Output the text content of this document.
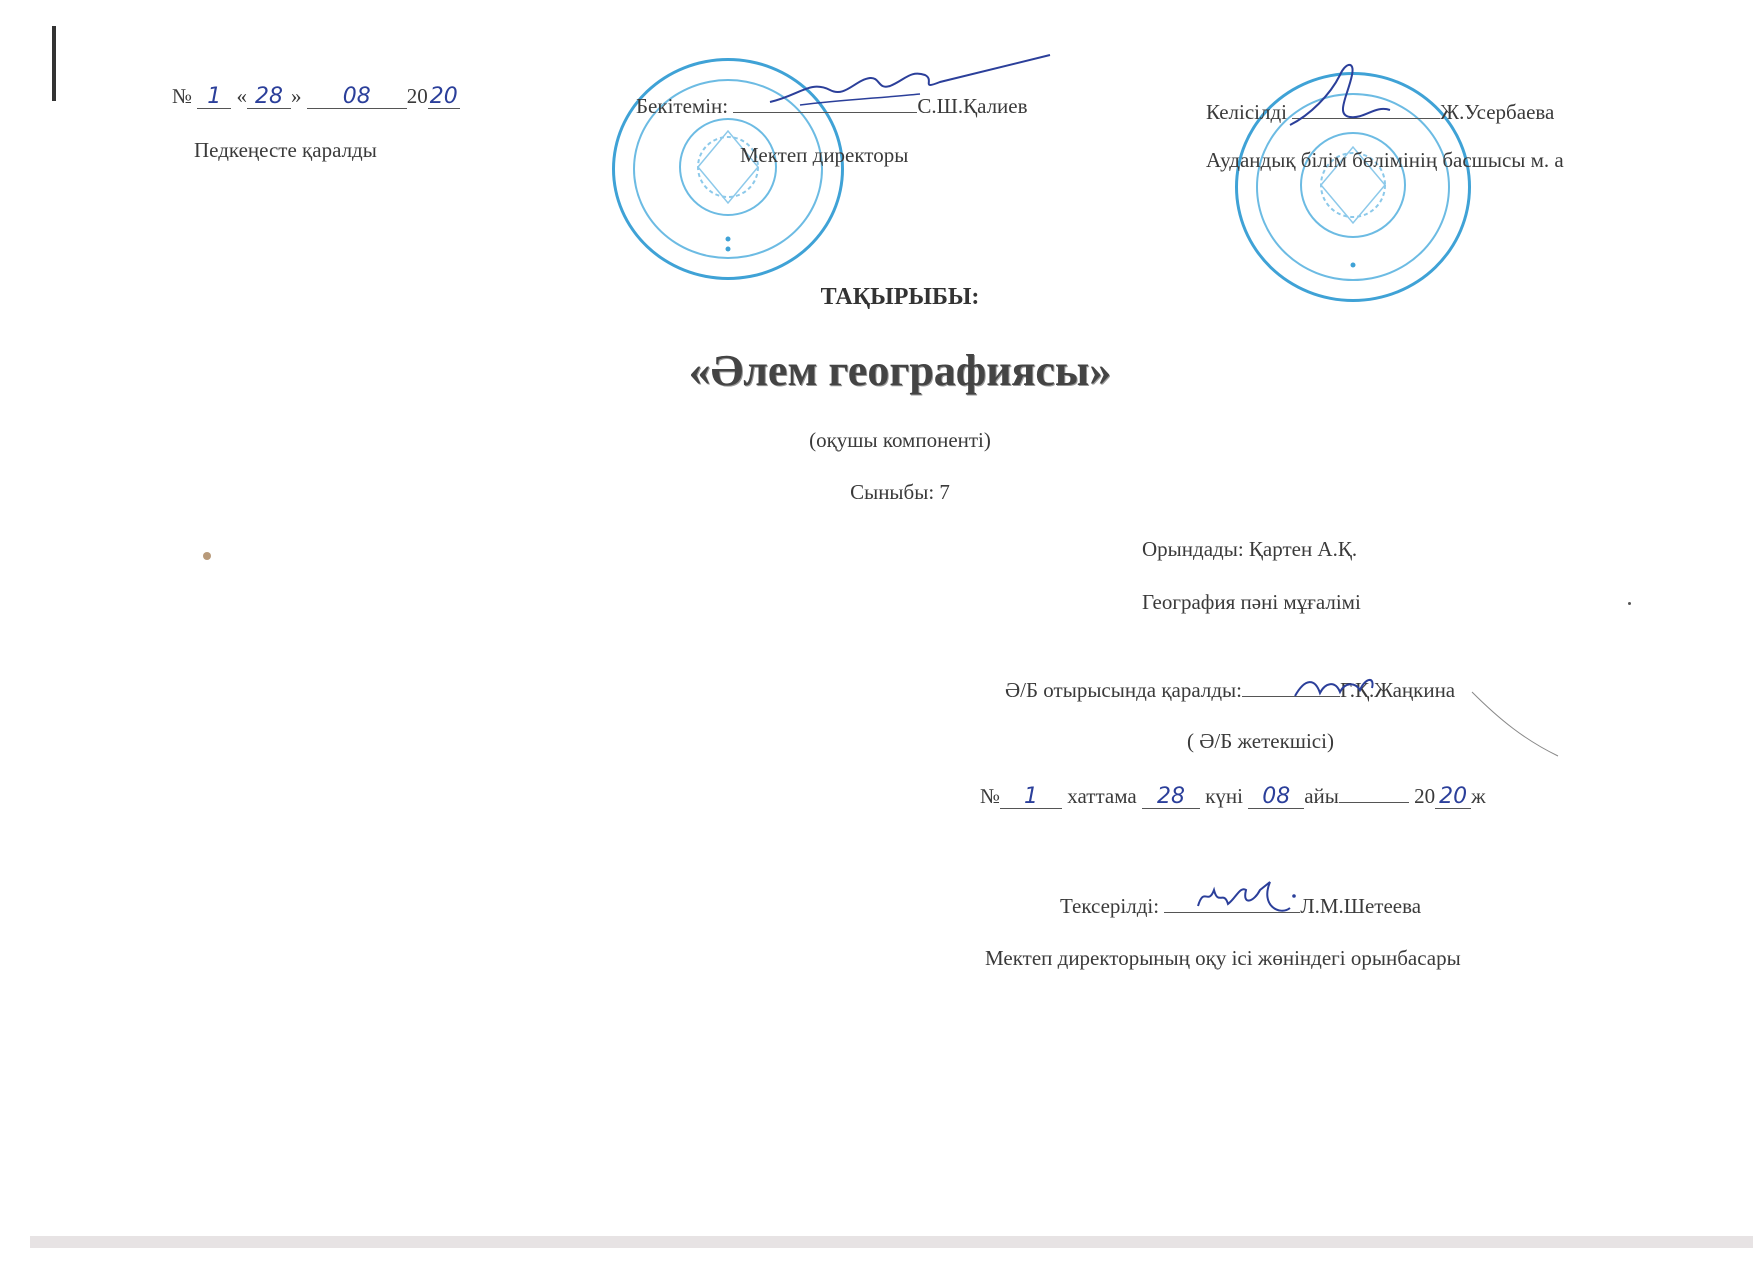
№ 1 « 28 » 08 2020
Педкеңесте қаралды
Бекітемін:	С.Ш.Қалиев
Мектеп директоры
Келісілді	Ж.Усербаева
Аудандық білім бөлімінің басшысы м. а
ТАҚЫРЫБЫ:
«Әлем географиясы»
(оқушы компоненті)
Сыныбы: 7
Орындады: Қартен А.Қ.
География пәні мұғалімі
Ә/Б отырысында қаралды:	Г.Қ.Жаңкина
( Ә/Б жетекшісі)
№ 1 хаттама 28 күні 08 айы	20 20 ж
Тексерілді:	Л.М.Шетеева
Мектеп директорының оқу ісі жөніндегі орынбасары
